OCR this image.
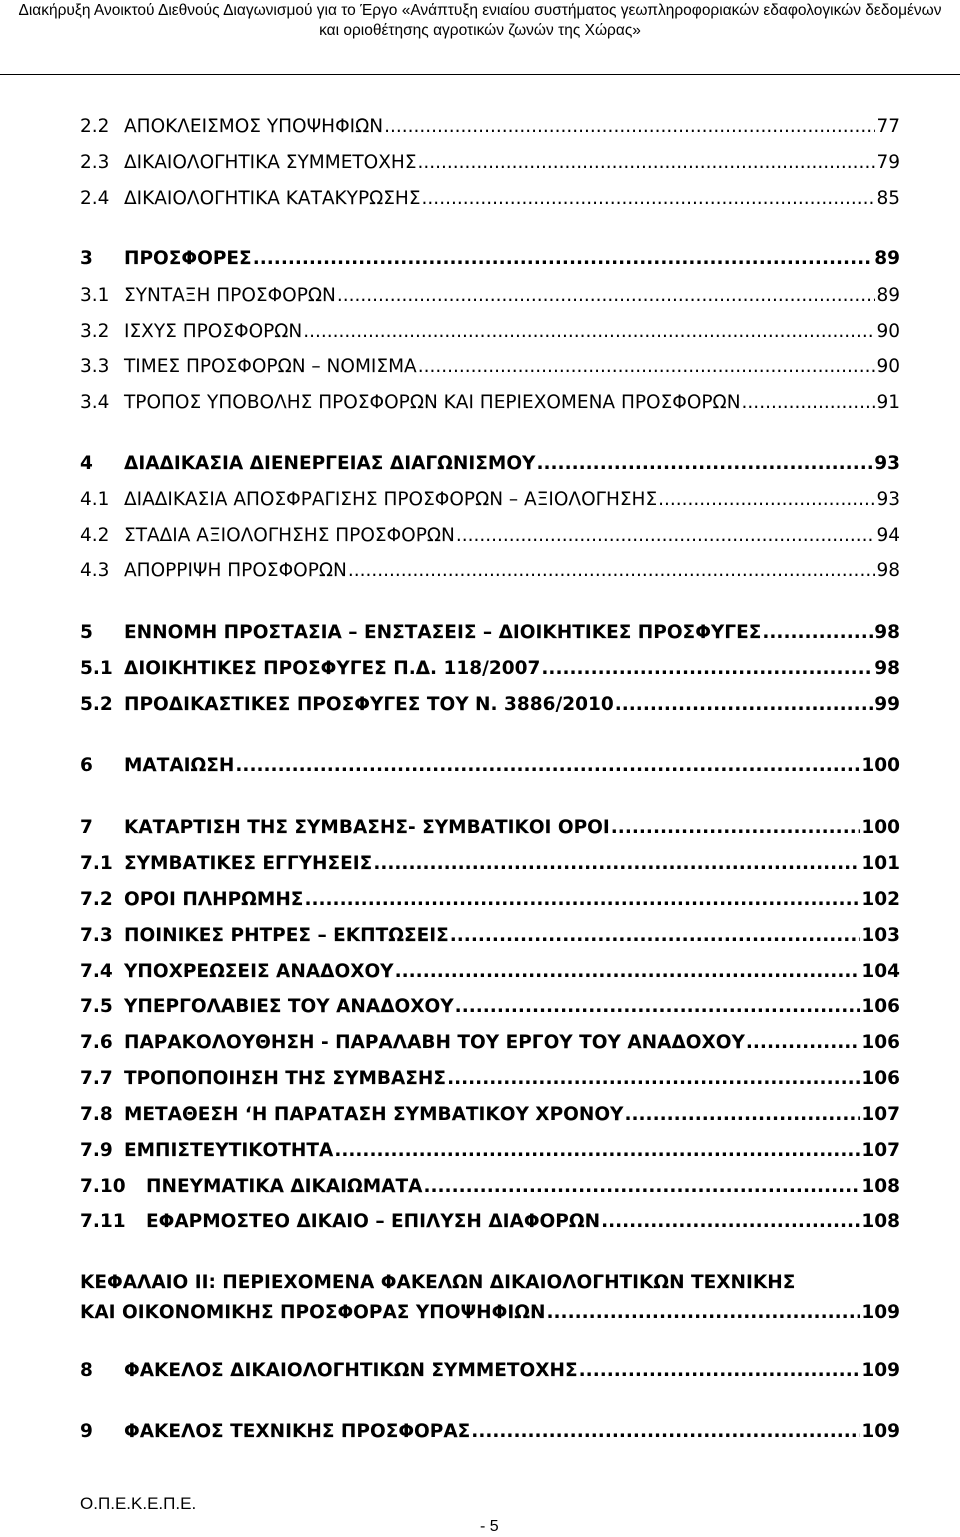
Διακήρυξη Ανοικτού Διεθνούς Διαγωνισμού για το Έργο «Ανάπτυξη ενιαίου συστήματος γεωπληροφοριακών εδαφολογικών δεδομένων
και οριοθέτησης αγροτικών ζωνών της Χώρας»
2.2 ΑΠΟΚΛΕΙΣΜΟΣ ΥΠΟΨΗΦΙΩΝ .....	77
2.3 ΔΙΚΑΙΟΛΟΓΗΤΙΚΑ ΣΥΜΜΕΤΟΧΗΣ .....	79
2.4 ΔΙΚΑΙΟΛΟΓΗΤΙΚΑ ΚΑΤΑΚΥΡΩΣΗΣ .....	85
3	ΠΡΟΣΦΟΡΕΣ .....	89
3.1 ΣΥΝΤΑΞΗ ΠΡΟΣΦΟΡΩΝ .....	89
3.2 ΙΣΧΥΣ ΠΡΟΣΦΟΡΩΝ .....	90
3.3 ΤΙΜΕΣ ΠΡΟΣΦΟΡΩΝ – ΝΟΜΙΣΜΑ .....	90
3.4 ΤΡΟΠΟΣ ΥΠΟΒΟΛΗΣ ΠΡΟΣΦΟΡΩΝ ΚΑΙ ΠΕΡΙΕΧΟΜΕΝΑ ΠΡΟΣΦΟΡΩΝ .....	91
4	ΔΙΑΔΙΚΑΣΙΑ ΔΙΕΝΕΡΓΕΙΑΣ ΔΙΑΓΩΝΙΣΜΟΥ .....	93
4.1 ΔΙΑΔΙΚΑΣΙΑ ΑΠΟΣΦΡΑΓΙΣΗΣ ΠΡΟΣΦΟΡΩΝ – ΑΞΙΟΛΟΓΗΣΗΣ .....	93
4.2 ΣΤΑΔΙΑ ΑΞΙΟΛΟΓΗΣΗΣ ΠΡΟΣΦΟΡΩΝ .....	94
4.3 ΑΠΟΡΡΙΨΗ ΠΡΟΣΦΟΡΩΝ .....	98
5	ΕΝΝΟΜΗ ΠΡΟΣΤΑΣΙΑ – ΕΝΣΤΑΣΕΙΣ – ΔΙΟΙΚΗΤΙΚΕΣ ΠΡΟΣΦΥΓΕΣ .....	98
5.1 ΔΙΟΙΚΗΤΙΚΕΣ ΠΡΟΣΦΥΓΕΣ Π.Δ. 118/2007 .....	98
5.2 ΠΡΟΔΙΚΑΣΤΙΚΕΣ ΠΡΟΣΦΥΓΕΣ ΤΟΥ Ν. 3886/2010 .....	99
6	ΜΑΤΑΙΩΣΗ .....	100
7	ΚΑΤΑΡΤΙΣΗ ΤΗΣ ΣΥΜΒΑΣΗΣ- ΣΥΜΒΑΤΙΚΟΙ ΟΡΟΙ .....	100
7.1 ΣΥΜΒΑΤΙΚΕΣ ΕΓΓΥΗΣΕΙΣ .....	101
7.2 ΟΡΟΙ ΠΛΗΡΩΜΗΣ .....	102
7.3 ΠΟΙΝΙΚΕΣ ΡΗΤΡΕΣ – ΕΚΠΤΩΣΕΙΣ .....	103
7.4 ΥΠΟΧΡΕΩΣΕΙΣ ΑΝΑΔΟΧΟΥ .....	104
7.5 ΥΠΕΡΓΟΛΑΒΙΕΣ ΤΟΥ ΑΝΑΔΟΧΟΥ .....	106
7.6 ΠΑΡΑΚΟΛΟΥΘΗΣΗ - ΠΑΡΑΛΑΒΗ ΤΟΥ ΕΡΓΟΥ ΤΟΥ ΑΝΑΔΟΧΟΥ .....	106
7.7 ΤΡΟΠΟΠΟΙΗΣΗ ΤΗΣ ΣΥΜΒΑΣΗΣ .....	106
7.8 ΜΕΤΑΘΕΣΗ ‘Η ΠΑΡΑΤΑΣΗ ΣΥΜΒΑΤΙΚΟΥ ΧΡΟΝΟΥ .....	107
7.9 ΕΜΠΙΣΤΕΥΤΙΚΟΤΗΤΑ .....	107
7.10	ΠΝΕΥΜΑΤΙΚΑ ΔΙΚΑΙΩΜΑΤΑ .....	108
7.11	ΕΦΑΡΜΟΣΤΕΟ ΔΙΚΑΙΟ – ΕΠΙΛΥΣΗ ΔΙΑΦΟΡΩΝ .....	108
ΚΕΦΑΛΑΙΟ ΙΙ: ΠΕΡΙΕΧΟΜΕΝΑ ΦΑΚΕΛΩΝ ΔΙΚΑΙΟΛΟΓΗΤΙΚΩΝ ΤΕΧΝΙΚΗΣ
ΚΑΙ ΟΙΚΟΝΟΜΙΚΗΣ ΠΡΟΣΦΟΡΑΣ ΥΠΟΨΗΦΙΩΝ .....	109
8	ΦΑΚΕΛΟΣ ΔΙΚΑΙΟΛΟΓΗΤΙΚΩΝ ΣΥΜΜΕΤΟΧΗΣ .....	109
9	ΦΑΚΕΛΟΣ ΤΕΧΝΙΚΗΣ ΠΡΟΣΦΟΡΑΣ .....	109
Ο.Π.Ε.Κ.Ε.Π.Ε.
- 5
